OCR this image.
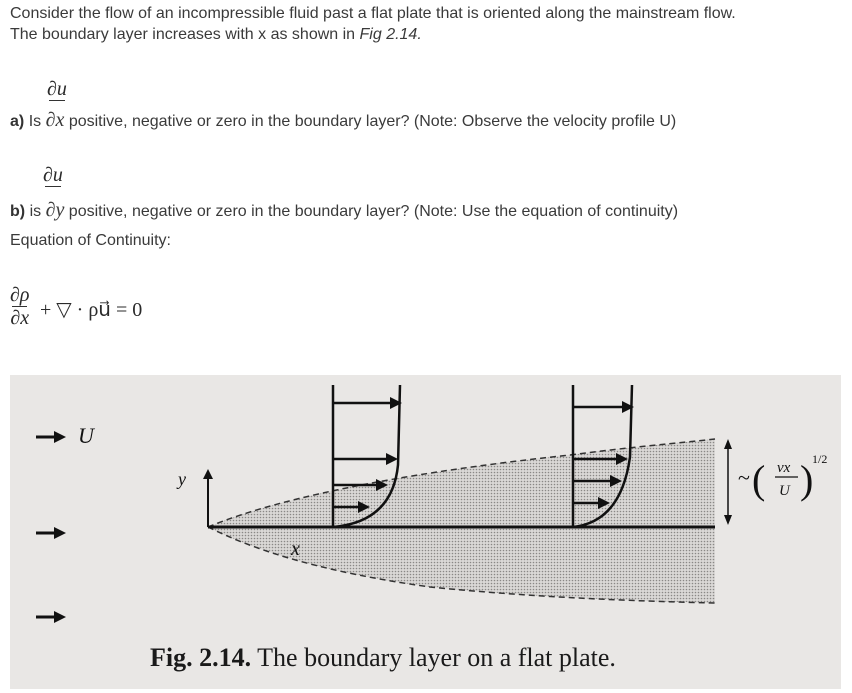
Consider the flow of an incompressible fluid past a flat plate that is oriented along the mainstream flow.
The boundary layer increases with x as shown in Fig 2.14.
∂u
a) Is ∂x positive, negative or zero in the boundary layer? (Note: Observe the velocity profile U)
∂u
b) is ∂y positive, negative or zero in the boundary layer? (Note: Use the equation of continuity)
Equation of Continuity:
$\frac{\partial\rho}{\partial x}$ + ▽ · ρu⃗ = 0
y
x
U
~ ( νx
U )
1/2
Fig. 2.14. The boundary layer on a flat plate.
